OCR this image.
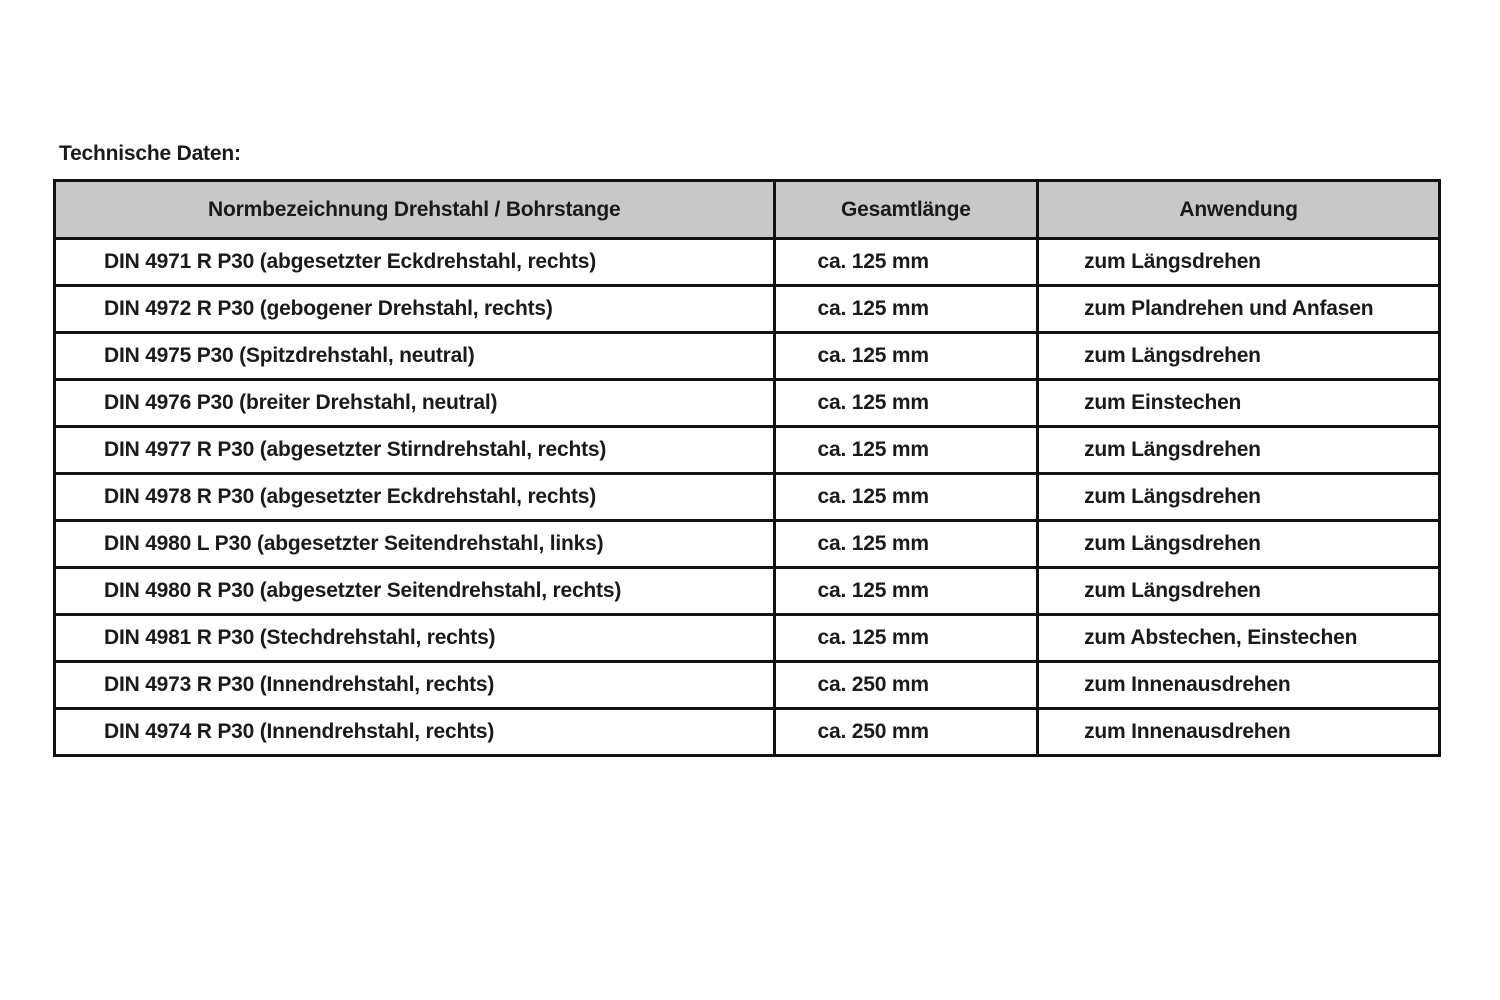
Technische Daten:
Normbezeichnung Drehstahl / Bohrstange	Gesamtlänge	Anwendung
DIN 4971 R P30 (abgesetzter Eckdrehstahl, rechts)	ca. 125 mm	zum Längsdrehen
DIN 4972 R P30 (gebogener Drehstahl, rechts)	ca. 125 mm	zum Plandrehen und Anfasen
DIN 4975 P30 (Spitzdrehstahl, neutral)	ca. 125 mm	zum Längsdrehen
DIN 4976 P30 (breiter Drehstahl, neutral)	ca. 125 mm	zum Einstechen
DIN 4977 R P30 (abgesetzter Stirndrehstahl, rechts)	ca. 125 mm	zum Längsdrehen
DIN 4978 R P30 (abgesetzter Eckdrehstahl, rechts)	ca. 125 mm	zum Längsdrehen
DIN 4980 L P30 (abgesetzter Seitendrehstahl, links)	ca. 125 mm	zum Längsdrehen
DIN 4980 R P30 (abgesetzter Seitendrehstahl, rechts)	ca. 125 mm	zum Längsdrehen
DIN 4981 R P30 (Stechdrehstahl, rechts)	ca. 125 mm	zum Abstechen, Einstechen
DIN 4973 R P30 (Innendrehstahl, rechts)	ca. 250 mm	zum Innenausdrehen
DIN 4974 R P30 (Innendrehstahl, rechts)	ca. 250 mm	zum Innenausdrehen
